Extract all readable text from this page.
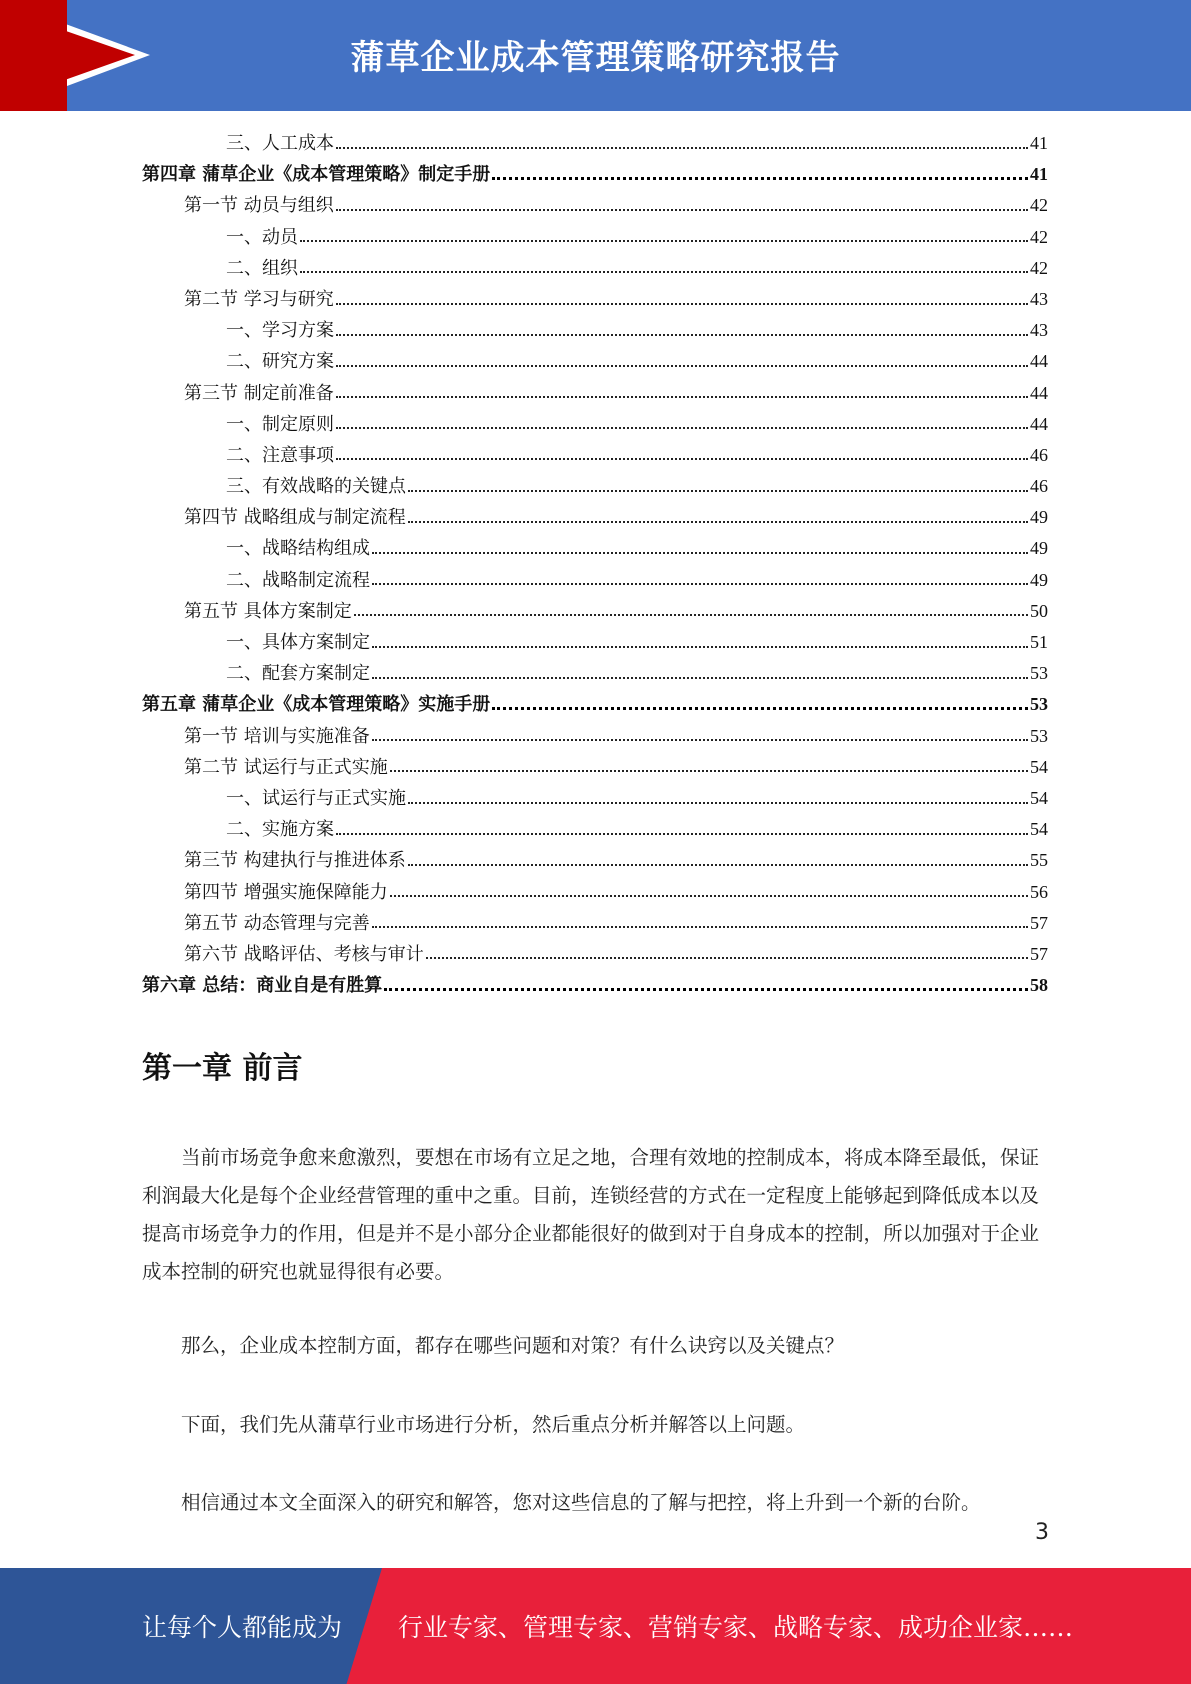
蒲草企业成本管理策略研究报告
三、人工成本	41
第四章 蒲草企业《成本管理策略》制定手册	41
第一节 动员与组织	42
一、动员	42
二、组织	42
第二节 学习与研究	43
一、学习方案	43
二、研究方案	44
第三节 制定前准备	44
一、制定原则	44
二、注意事项	46
三、有效战略的关键点	46
第四节 战略组成与制定流程	49
一、战略结构组成	49
二、战略制定流程	49
第五节 具体方案制定	50
一、具体方案制定	51
二、配套方案制定	53
第五章 蒲草企业《成本管理策略》实施手册	53
第一节 培训与实施准备	53
第二节 试运行与正式实施	54
一、试运行与正式实施	54
二、实施方案	54
第三节 构建执行与推进体系	55
第四节 增强实施保障能力	56
第五节 动态管理与完善	57
第六节 战略评估、考核与审计	57
第六章 总结：商业自是有胜算	58
第一章 前言

当前市场竞争愈来愈激烈，要想在市场有立足之地，合理有效地的控制成本，将成本降至最低，保证利润最大化是每个企业经营管理的重中之重。目前，连锁经营的方式在一定程度上能够起到降低成本以及提高市场竞争力的作用，但是并不是小部分企业都能很好的做到对于自身成本的控制，所以加强对于企业成本控制的研究也就显得很有必要。

那么，企业成本控制方面，都存在哪些问题和对策？有什么诀窍以及关键点？

下面，我们先从蒲草行业市场进行分析，然后重点分析并解答以上问题。

相信通过本文全面深入的研究和解答，您对这些信息的了解与把控，将上升到一个新的台阶。

3
让每个人都能成为 行业专家、管理专家、营销专家、战略专家、成功企业家……
